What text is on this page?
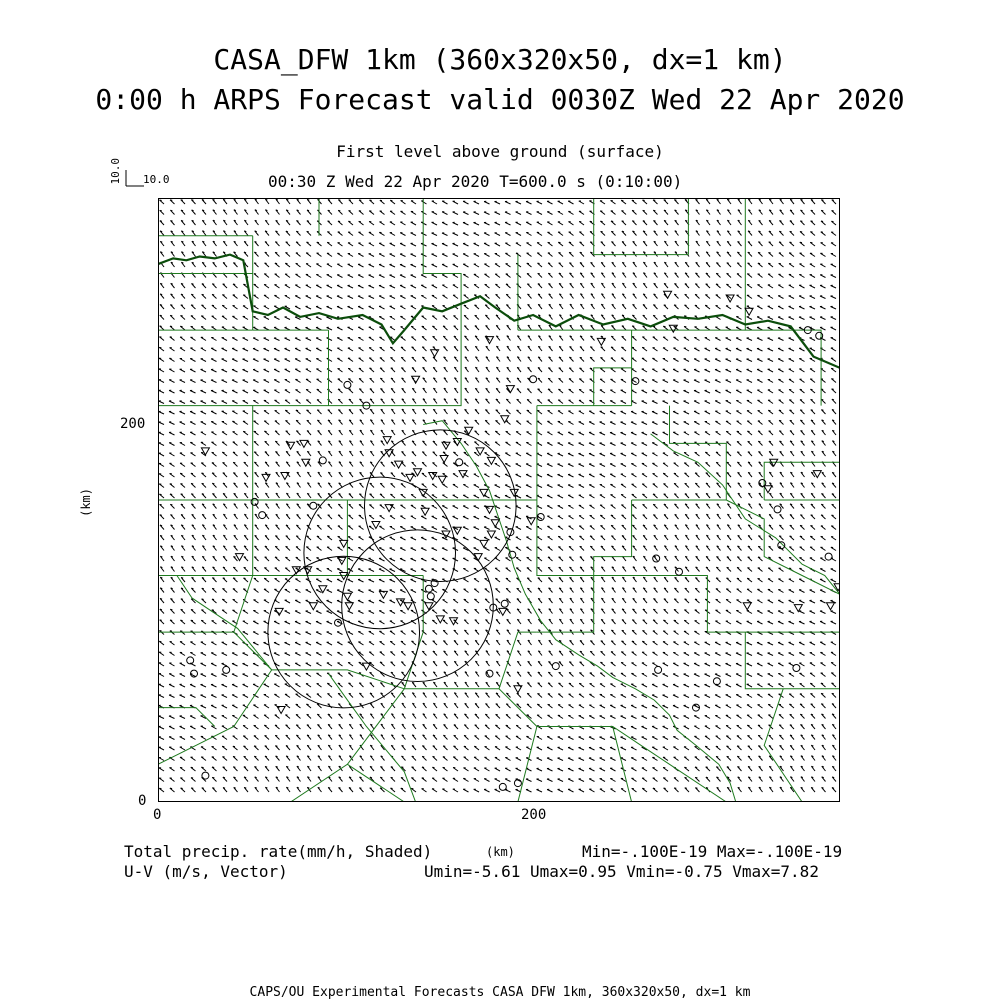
CASA_DFW 1km (360x320x50, dx=1 km)
0:00 h ARPS Forecast valid 0030Z Wed 22 Apr 2020
First level above ground (surface)
00:30 Z Wed 22 Apr 2020 T=600.0 s (0:10:00)
10.0 10.0
(km)
200
0
0	200
(km)
Total precip. rate(mm/h, Shaded)	Min=-.100E-19 Max=-.100E-19
U-V (m/s, Vector)	Umin=-5.61 Umax=0.95 Vmin=-0.75 Vmax=7.82
CAPS/OU Experimental Forecasts CASA DFW 1km, 360x320x50, dx=1 km
